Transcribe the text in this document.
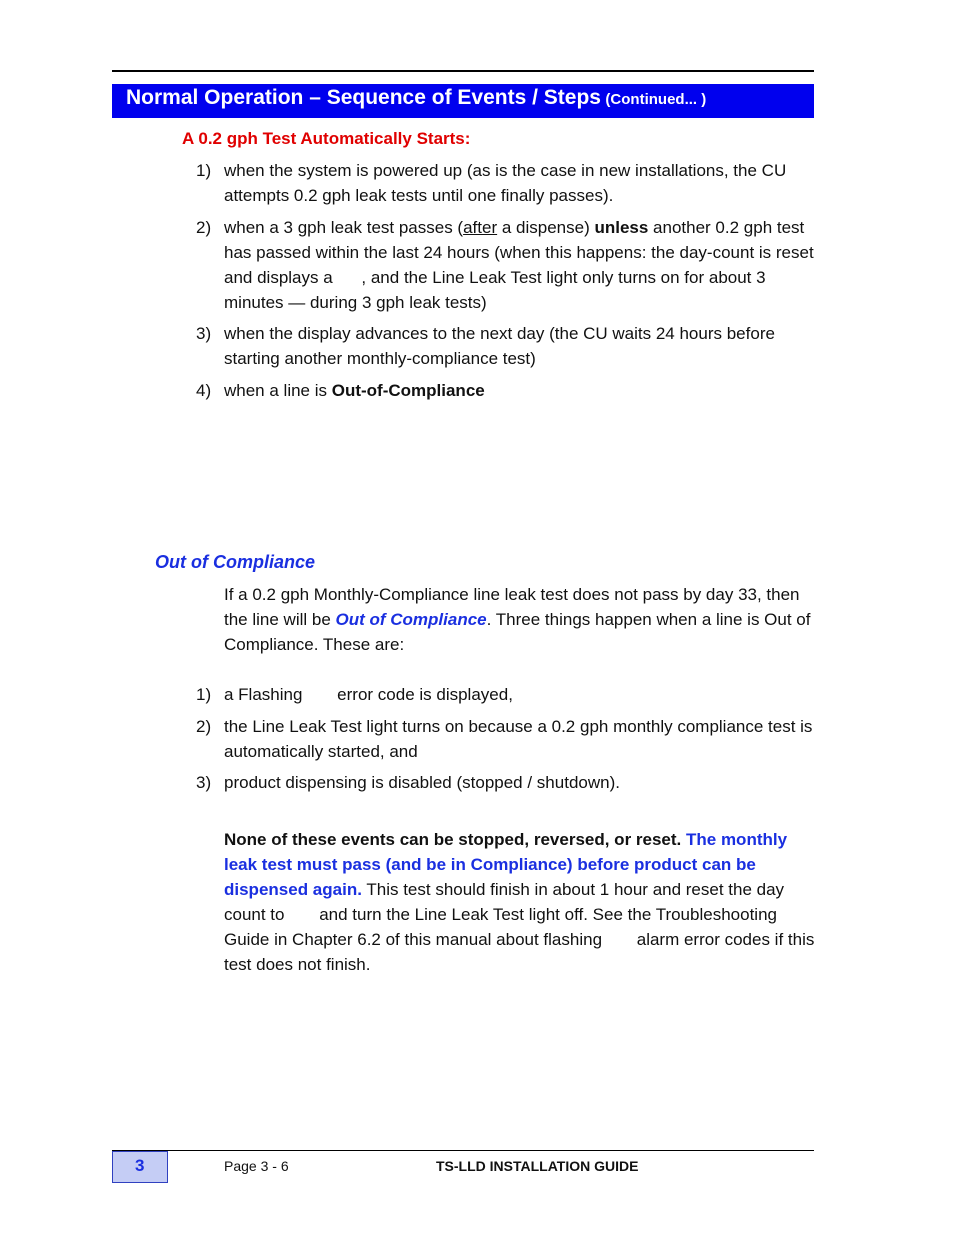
Normal Operation – Sequence of Events / Steps (Continued... )
A 0.2 gph Test Automatically Starts:
1) when the system is powered up (as is the case in new installations, the CU attempts 0.2 gph leak tests until one finally passes).
2) when a 3 gph leak test passes (after a dispense) unless another 0.2 gph test has passed within the last 24 hours (when this happens: the day-count is reset and displays a , and the Line Leak Test light only turns on for about 3 minutes — during 3 gph leak tests)
3) when the display advances to the next day (the CU waits 24 hours before starting another monthly-compliance test)
4) when a line is Out-of-Compliance
Out of Compliance
If a 0.2 gph Monthly-Compliance line leak test does not pass by day 33, then the line will be Out of Compliance. Three things happen when a line is Out of Compliance. These are:
1) a Flashing error code is displayed,
2) the Line Leak Test light turns on because a 0.2 gph monthly compliance test is automatically started, and
3) product dispensing is disabled (stopped / shutdown).
None of these events can be stopped, reversed, or reset. The monthly leak test must pass (and be in Compliance) before product can be dispensed again. This test should finish in about 1 hour and reset the day count to and turn the Line Leak Test light off. See the Troubleshooting Guide in Chapter 6.2 of this manual about flashing alarm error codes if this test does not finish.
3	Page 3 - 6	TS-LLD INSTALLATION GUIDE
